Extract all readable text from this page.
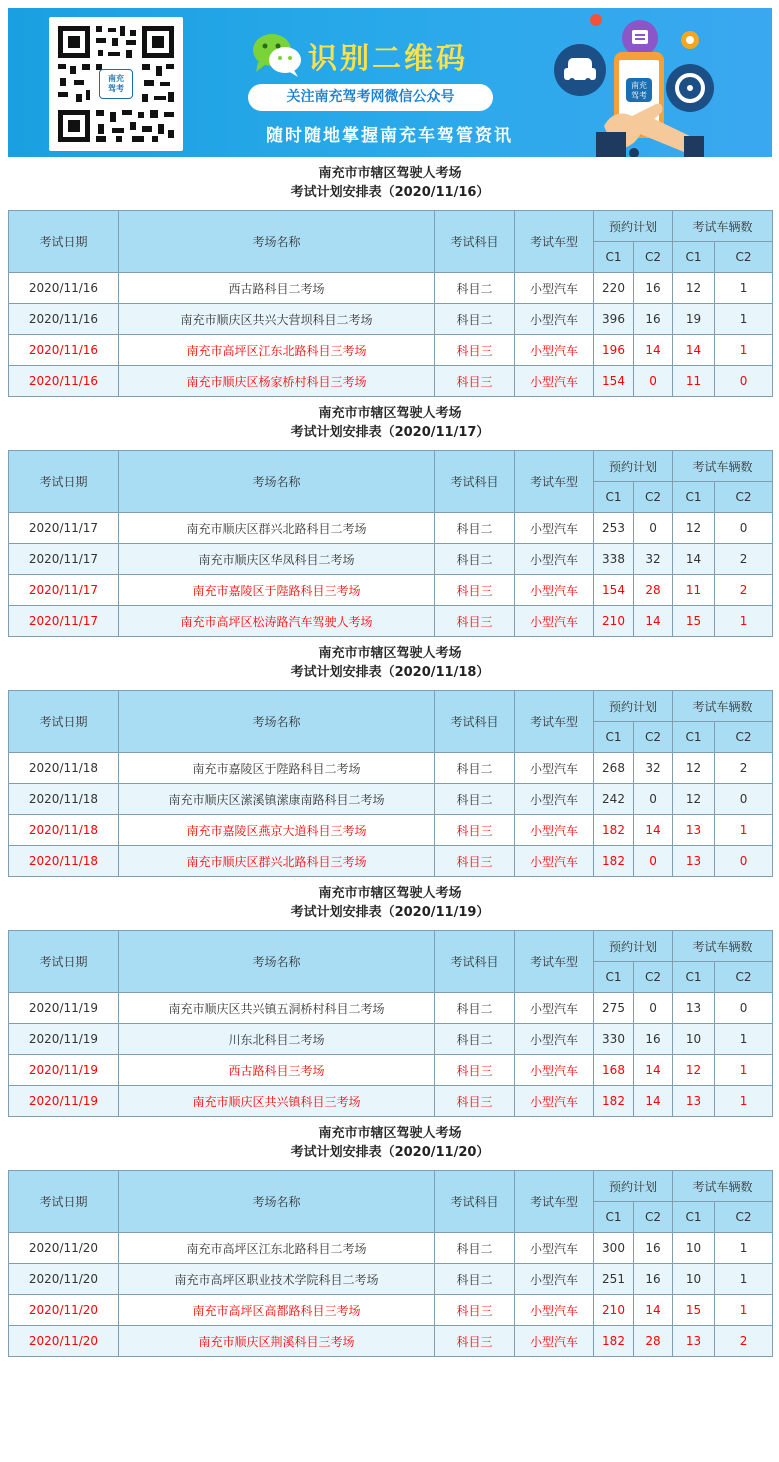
南充
驾考
识别二维码
关注南充驾考网微信公众号
随时随地掌握南充车驾管资讯
南充
驾考
南充市市辖区驾驶人考场
考试计划安排表（2020/11/16）
考试日期	考场名称	考试科目	考试车型	预约计划		考试车辆数	
				C1	C2	C1	C2
2020/11/16	西古路科目二考场	科目二	小型汽车	220	16	12	1
2020/11/16	南充市顺庆区共兴大营坝科目二考场	科目二	小型汽车	396	16	19	1
2020/11/16	南充市高坪区江东北路科目三考场	科目三	小型汽车	196	14	14	1
2020/11/16	南充市顺庆区杨家桥村科目三考场	科目三	小型汽车	154	0	11	0
南充市市辖区驾驶人考场
考试计划安排表（2020/11/17）
考试日期	考场名称	考试科目	考试车型	预约计划		考试车辆数	
				C1	C2	C1	C2
2020/11/17	南充市顺庆区群兴北路科目二考场	科目二	小型汽车	253	0	12	0
2020/11/17	南充市顺庆区华凤科目二考场	科目二	小型汽车	338	32	14	2
2020/11/17	南充市嘉陵区于陛路科目三考场	科目三	小型汽车	154	28	11	2
2020/11/17	南充市高坪区松涛路汽车驾驶人考场	科目三	小型汽车	210	14	15	1
南充市市辖区驾驶人考场
考试计划安排表（2020/11/18）
考试日期	考场名称	考试科目	考试车型	预约计划		考试车辆数	
				C1	C2	C1	C2
2020/11/18	南充市嘉陵区于陛路科目二考场	科目二	小型汽车	268	32	12	2
2020/11/18	南充市顺庆区潆溪镇潆康南路科目二考场	科目二	小型汽车	242	0	12	0
2020/11/18	南充市嘉陵区燕京大道科目三考场	科目三	小型汽车	182	14	13	1
2020/11/18	南充市顺庆区群兴北路科目三考场	科目三	小型汽车	182	0	13	0
南充市市辖区驾驶人考场
考试计划安排表（2020/11/19）
考试日期	考场名称	考试科目	考试车型	预约计划		考试车辆数	
				C1	C2	C1	C2
2020/11/19	南充市顺庆区共兴镇五洞桥村科目二考场	科目二	小型汽车	275	0	13	0
2020/11/19	川东北科目二考场	科目二	小型汽车	330	16	10	1
2020/11/19	西古路科目三考场	科目三	小型汽车	168	14	12	1
2020/11/19	南充市顺庆区共兴镇科目三考场	科目三	小型汽车	182	14	13	1
南充市市辖区驾驶人考场
考试计划安排表（2020/11/20）
考试日期	考场名称	考试科目	考试车型	预约计划		考试车辆数	
				C1	C2	C1	C2
2020/11/20	南充市高坪区江东北路科目二考场	科目二	小型汽车	300	16	10	1
2020/11/20	南充市高坪区职业技术学院科目二考场	科目二	小型汽车	251	16	10	1
2020/11/20	南充市高坪区高都路科目三考场	科目三	小型汽车	210	14	15	1
2020/11/20	南充市顺庆区荆溪科目三考场	科目三	小型汽车	182	28	13	2
